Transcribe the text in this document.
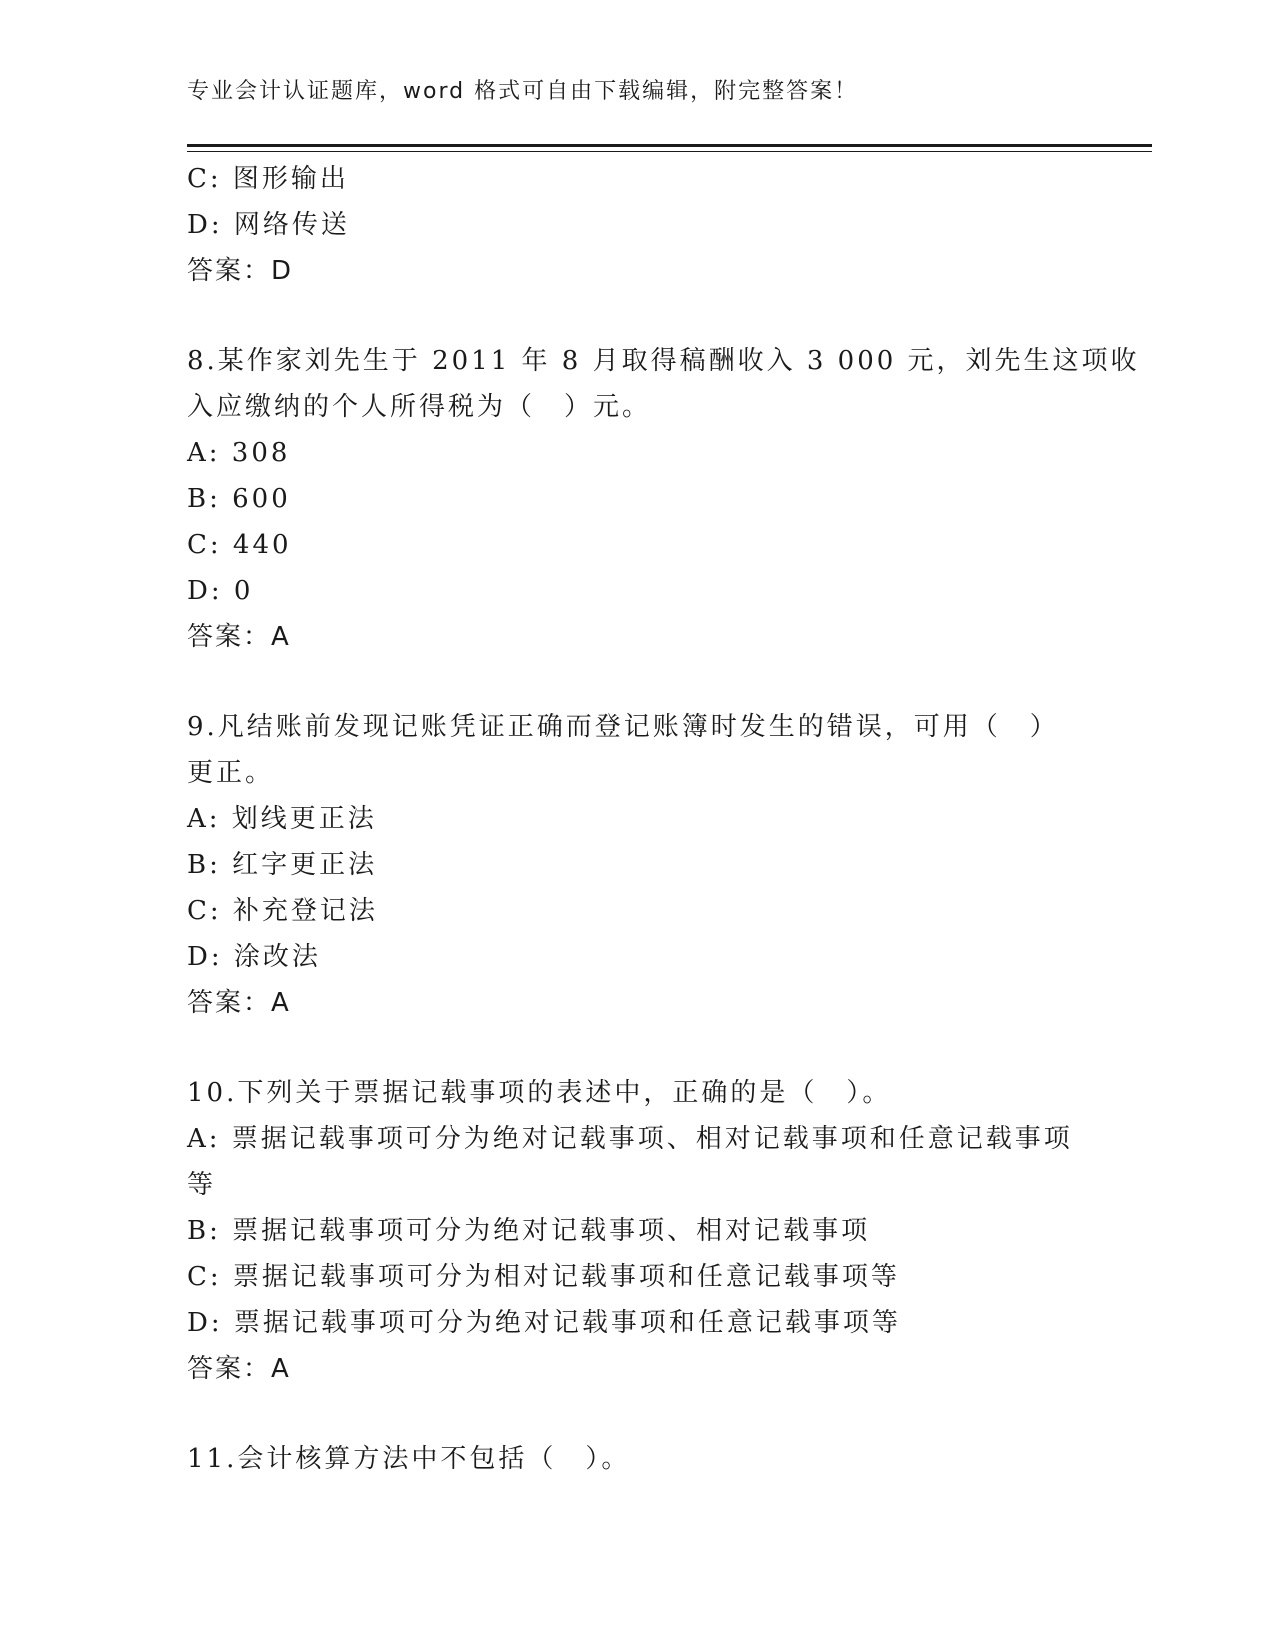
专业会计认证题库，word 格式可自由下载编辑，附完整答案！
C: 图形输出
D: 网络传送
答案：D
8.某作家刘先生于 2011 年 8 月取得稿酬收入 3 000 元，刘先生这项收
入应缴纳的个人所得税为（　）元。
A: 308
B: 600
C: 440
D: 0
答案：A
9.凡结账前发现记账凭证正确而登记账簿时发生的错误，可用（　）
更正。
A: 划线更正法
B: 红字更正法
C: 补充登记法
D: 涂改法
答案：A
10.下列关于票据记载事项的表述中，正确的是（　）。
A: 票据记载事项可分为绝对记载事项、相对记载事项和任意记载事项
等
B: 票据记载事项可分为绝对记载事项、相对记载事项
C: 票据记载事项可分为相对记载事项和任意记载事项等
D: 票据记载事项可分为绝对记载事项和任意记载事项等
答案：A
11.会计核算方法中不包括（　）。
